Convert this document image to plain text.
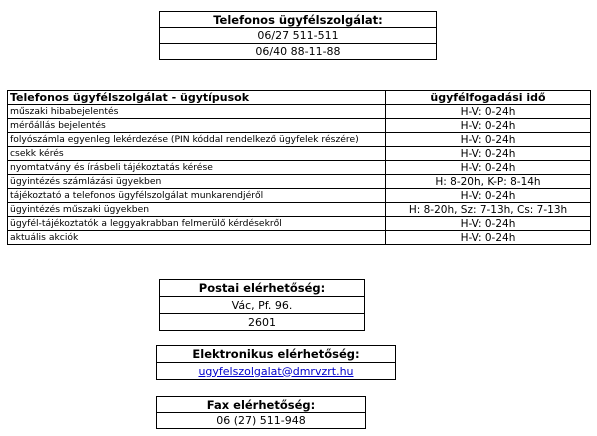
Telefonos ügyfélszolgálat:
06/27 511-511
06/40 88-11-88
Telefonos ügyfélszolgálat - ügytípusok	ügyfélfogadási idő
műszaki hibabejelentés	H-V: 0-24h
mérőállás bejelentés	H-V: 0-24h
folyószámla egyenleg lekérdezése (PIN kóddal rendelkező ügyfelek részére)	H-V: 0-24h
csekk kérés	H-V: 0-24h
nyomtatvány és írásbeli tájékoztatás kérése	H-V: 0-24h
ügyintézés számlázási ügyekben	H: 8-20h, K-P: 8-14h
tájékoztató a telefonos ügyfélszolgálat munkarendjéről	H-V: 0-24h
ügyintézés műszaki ügyekben	H: 8-20h, Sz: 7-13h, Cs: 7-13h
ügyfél-tájékoztatók a leggyakrabban felmerülő kérdésekről	H-V: 0-24h
aktuális akciók	H-V: 0-24h
Postai elérhetőség:
Vác, Pf. 96.
2601
Elektronikus elérhetőség:
ugyfelszolgalat@dmrvzrt.hu
Fax elérhetőség:
06 (27) 511-948
